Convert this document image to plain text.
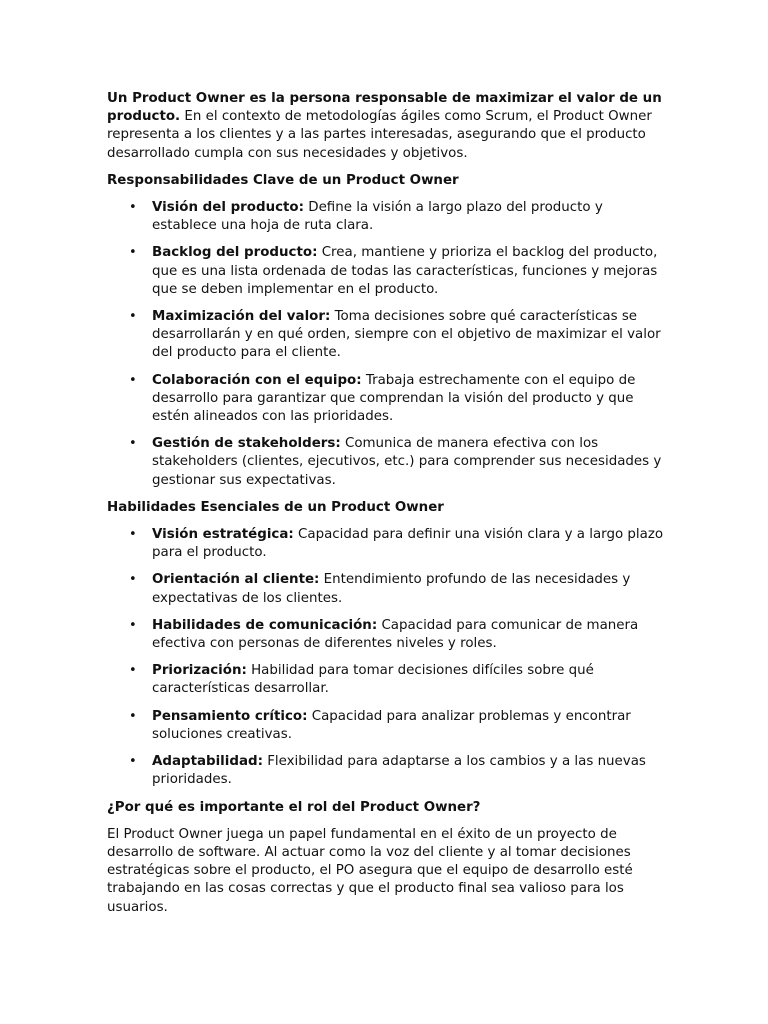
Un Product Owner es la persona responsable de maximizar el valor de un producto. En el contexto de metodologías ágiles como Scrum, el Product Owner representa a los clientes y a las partes interesadas, asegurando que el producto desarrollado cumpla con sus necesidades y objetivos.

Responsabilidades Clave de un Product Owner
• Visión del producto: Define la visión a largo plazo del producto y establece una hoja de ruta clara.
• Backlog del producto: Crea, mantiene y prioriza el backlog del producto, que es una lista ordenada de todas las características, funciones y mejoras que se deben implementar en el producto.
• Maximización del valor: Toma decisiones sobre qué características se desarrollarán y en qué orden, siempre con el objetivo de maximizar el valor del producto para el cliente.
• Colaboración con el equipo: Trabaja estrechamente con el equipo de desarrollo para garantizar que comprendan la visión del producto y que estén alineados con las prioridades.
• Gestión de stakeholders: Comunica de manera efectiva con los stakeholders (clientes, ejecutivos, etc.) para comprender sus necesidades y gestionar sus expectativas.
Habilidades Esenciales de un Product Owner
• Visión estratégica: Capacidad para definir una visión clara y a largo plazo para el producto.
• Orientación al cliente: Entendimiento profundo de las necesidades y expectativas de los clientes.
• Habilidades de comunicación: Capacidad para comunicar de manera efectiva con personas de diferentes niveles y roles.
• Priorización: Habilidad para tomar decisiones difíciles sobre qué características desarrollar.
• Pensamiento crítico: Capacidad para analizar problemas y encontrar soluciones creativas.
• Adaptabilidad: Flexibilidad para adaptarse a los cambios y a las nuevas prioridades.
¿Por qué es importante el rol del Product Owner?

El Product Owner juega un papel fundamental en el éxito de un proyecto de desarrollo de software. Al actuar como la voz del cliente y al tomar decisiones estratégicas sobre el producto, el PO asegura que el equipo de desarrollo esté trabajando en las cosas correctas y que el producto final sea valioso para los usuarios.
